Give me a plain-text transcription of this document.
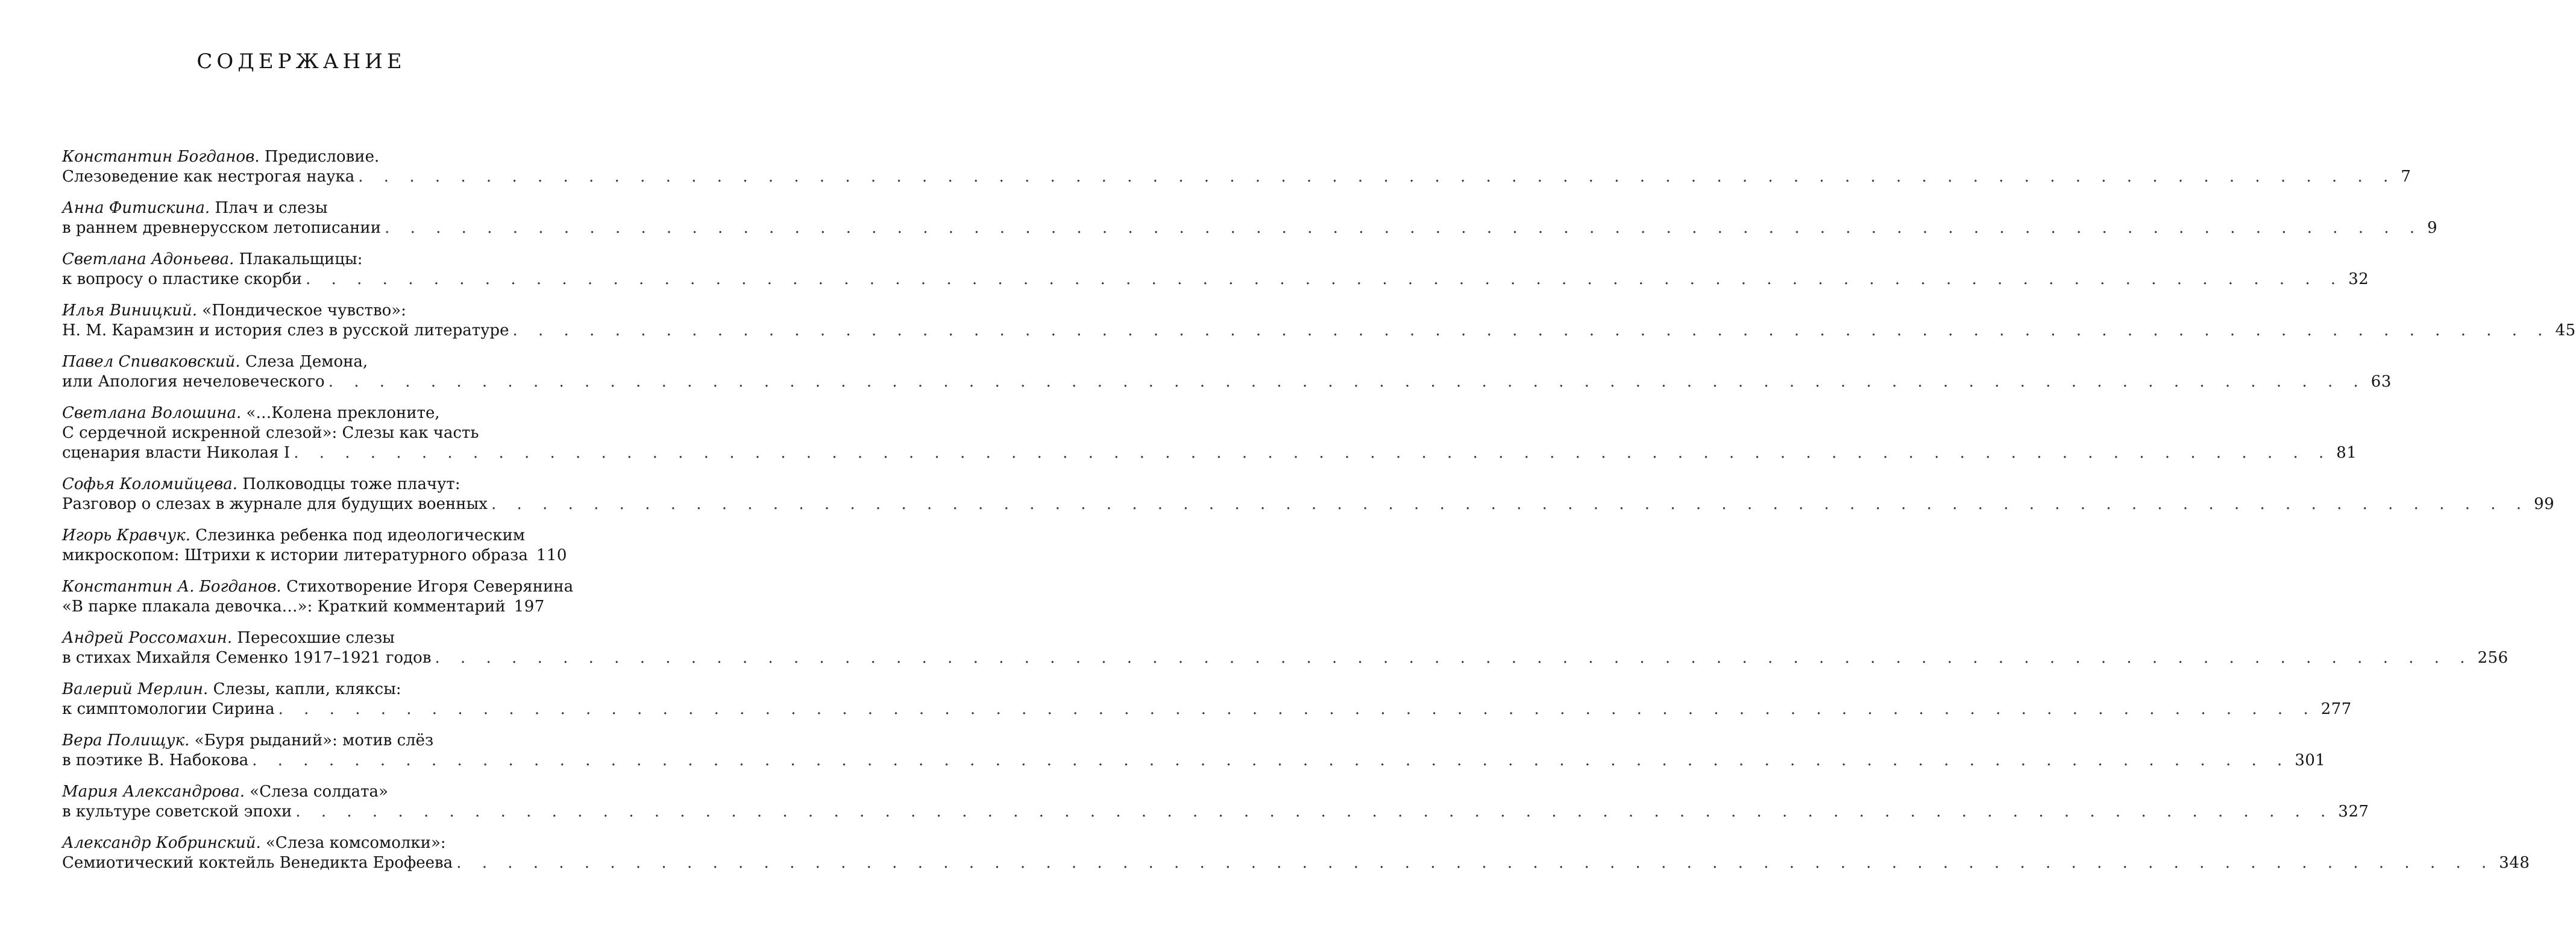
СОДЕРЖАНИЕ
Константин Богданов. Предисловие.
Слезоведение как нестрогая наука . . . . . . . . . . . . . . . . . . . . . . . . . . . . . . . . . . . . . . . . . . . . . . . . . . . . . . . . . . . . . . . . . . . . . . . . . . . . . . . . 7
Анна Фитискина. Плач и слезы
в раннем древнерусском летописании . . . . . . . . . . . . . . . . . . . . . . . . . . . . . . . . . . . . . . . . . . . . . . . . . . . . . . . . . . . . . . . . . . . . . . . . . . . . . . . . 9
Светлана Адоньева. Плакальщицы:
к вопросу о пластике скорби . . . . . . . . . . . . . . . . . . . . . . . . . . . . . . . . . . . . . . . . . . . . . . . . . . . . . . . . . . . . . . . . . . . . . . . . . . . . . . . . 32
Илья Виницкий. «Пондическое чувство»:
Н. М. Карамзин и история слез в русской литературе . . . . . . . . . . . . . . . . . . . . . . . . . . . . . . . . . . . . . . . . . . . . . . . . . . . . . . . . . . . . . . . . . . . . . . . . . . . . . . . . 45
Павел Спиваковский. Слеза Демона,
или Апология нечеловеческого . . . . . . . . . . . . . . . . . . . . . . . . . . . . . . . . . . . . . . . . . . . . . . . . . . . . . . . . . . . . . . . . . . . . . . . . . . . . . . . . 63
Светлана Волошина. «…Колена преклоните,
С сердечной искренной слезой»: Слезы как часть
сценария власти Николая I . . . . . . . . . . . . . . . . . . . . . . . . . . . . . . . . . . . . . . . . . . . . . . . . . . . . . . . . . . . . . . . . . . . . . . . . . . . . . . . . 81
Софья Коломийцева. Полководцы тоже плачут:
Разговор о слезах в журнале для будущих военных . . . . . . . . . . . . . . . . . . . . . . . . . . . . . . . . . . . . . . . . . . . . . . . . . . . . . . . . . . . . . . . . . . . . . . . . . . . . . . . . 99
Игорь Кравчук. Слезинка ребенка под идеологическим
микроскопом: Штрихи к истории литературного образа 110
Константин А. Богданов. Стихотворение Игоря Северянина
«В парке плакала девочка…»: Краткий комментарий 197
Андрей Россомахин. Пересохшие слезы
в стихах Михайля Семенко 1917–1921 годов . . . . . . . . . . . . . . . . . . . . . . . . . . . . . . . . . . . . . . . . . . . . . . . . . . . . . . . . . . . . . . . . . . . . . . . . . . . . . . . . 256
Валерий Мерлин. Слезы, капли, кляксы:
к симптомологии Сирина . . . . . . . . . . . . . . . . . . . . . . . . . . . . . . . . . . . . . . . . . . . . . . . . . . . . . . . . . . . . . . . . . . . . . . . . . . . . . . . . 277
Вера Полищук. «Буря рыданий»: мотив слёз
в поэтике В. Набокова . . . . . . . . . . . . . . . . . . . . . . . . . . . . . . . . . . . . . . . . . . . . . . . . . . . . . . . . . . . . . . . . . . . . . . . . . . . . . . . . 301
Мария Александрова. «Слеза солдата»
в культуре советской эпохи . . . . . . . . . . . . . . . . . . . . . . . . . . . . . . . . . . . . . . . . . . . . . . . . . . . . . . . . . . . . . . . . . . . . . . . . . . . . . . . . 327
Александр Кобринский. «Слеза комсомолки»:
Семиотический коктейль Венедикта Ерофеева . . . . . . . . . . . . . . . . . . . . . . . . . . . . . . . . . . . . . . . . . . . . . . . . . . . . . . . . . . . . . . . . . . . . . . . . . . . . . . . . 348
